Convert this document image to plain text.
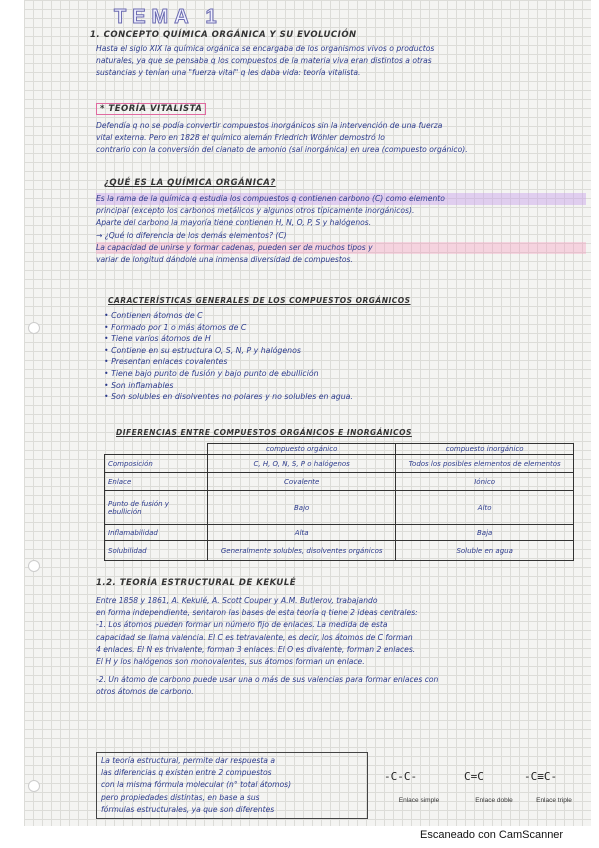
TEMA 1
1. CONCEPTO QUÍMICA ORGÁNICA Y SU EVOLUCIÓN
Hasta el siglo XIX la química orgánica se encargaba de los organismos vivos o productos
naturales, ya que se pensaba q los compuestos de la materia viva eran distintos a otras
sustancias y tenían una "fuerza vital" q les daba vida: teoría vitalista.
* TEORÍA VITALISTA
Defendía q no se podía convertir compuestos inorgánicos sin la intervención de una fuerza
vital externa. Pero en 1828 el químico alemán Friedrich Wöhler demostró lo
contrario con la conversión del cianato de amonio (sal inorgánica) en urea (compuesto orgánico).
¿QUÉ ES LA QUÍMICA ORGÁNICA?
Es la rama de la química q estudia los compuestos q contienen carbono (C) como elemento
principal (excepto los carbonos metálicos y algunos otros típicamente inorgánicos).
Aparte del carbono la mayoría tiene contienen H, N, O, P, S y halógenos.
→ ¿Qué lo diferencia de los demás elementos? (C)
La capacidad de unirse y formar cadenas, pueden ser de muchos tipos y
variar de longitud dándole una inmensa diversidad de compuestos.
CARACTERÍSTICAS GENERALES DE LOS COMPUESTOS ORGÁNICOS
• Contienen átomos de C
• Formado por 1 o más átomos de C
• Tiene varios átomos de H
• Contiene en su estructura O, S, N, P y halógenos
• Presentan enlaces covalentes
• Tiene bajo punto de fusión y bajo punto de ebullición
• Son inflamables
• Son solubles en disolventes no polares y no solubles en agua.
DIFERENCIAS ENTRE COMPUESTOS ORGÁNICOS E INORGÁNICOS
	compuesto orgánico	compuesto inorgánico
Composición	C, H, O, N, S, P o halógenos	Todos los posibles elementos de elementos
Enlace	Covalente	Iónico
Punto de fusión y ebullición	Bajo	Alto
Inflamabilidad	Alta	Baja
Solubilidad	Generalmente solubles, disolventes orgánicos	Soluble en agua
1.2. TEORÍA ESTRUCTURAL DE KEKULÉ
Entre 1858 y 1861, A. Kekulé, A. Scott Couper y A.M. Butlerov, trabajando
en forma independiente, sentaron las bases de esta teoría q tiene 2 ideas centrales:
-1. Los átomos pueden formar un número fijo de enlaces. La medida de esta
capacidad se llama valencia. El C es tetravalente, es decir, los átomos de C forman
4 enlaces. El N es trivalente, forman 3 enlaces. El O es divalente, forman 2 enlaces.
El H y los halógenos son monovalentes, sus átomos forman un enlace.
-2. Un átomo de carbono puede usar una o más de sus valencias para formar enlaces con
otros átomos de carbono.
La teoría estructural, permite dar respuesta a
las diferencias q existen entre 2 compuestos
con la misma fórmula molecular (n° total átomos)
pero propiedades distintas, en base a sus
fórmulas estructurales, ya que son diferentes
-C-C-
Enlace simple
C=C
Enlace doble
-C≡C-
Enlace triple
Escaneado con CamScanner
